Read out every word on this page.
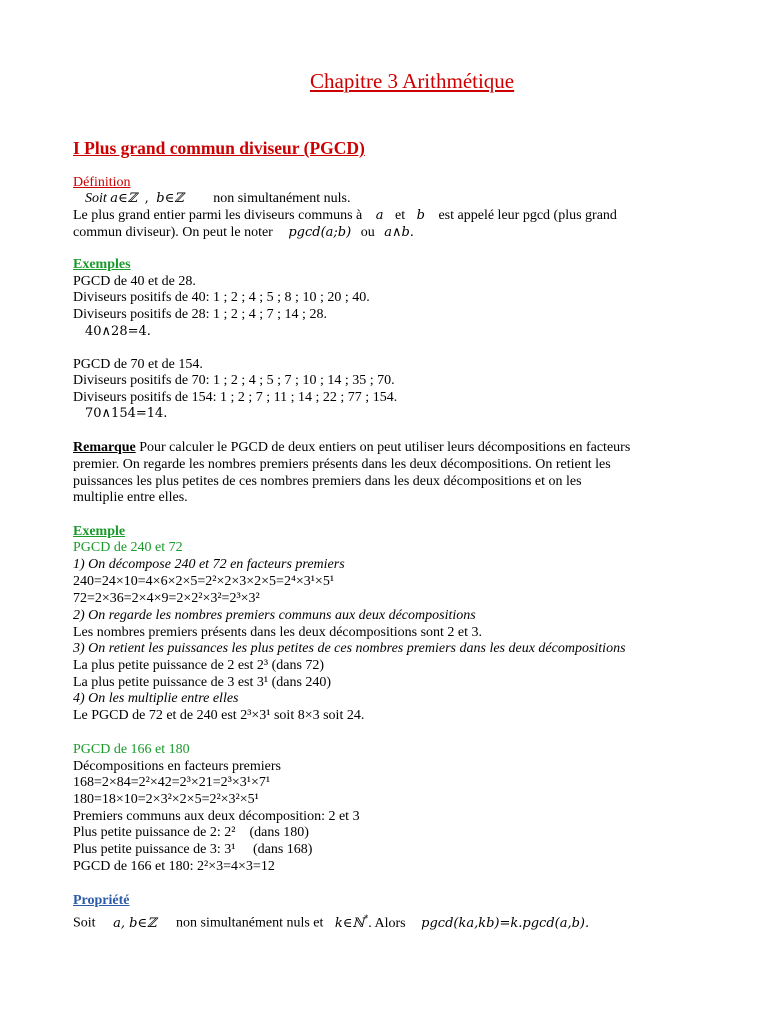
Chapitre 3 Arithmétique
I Plus grand commun diviseur (PGCD)
Définition
Soit a∈ℤ , b∈ℤ non simultanément nuls.
Le plus grand entier parmi les diviseurs communs à a et b est appelé leur pgcd (plus grand
commun diviseur). On peut le noter pgcd(a;b) ou a∧b.
Exemples
PGCD de 40 et de 28.
Diviseurs positifs de 40: 1 ; 2 ; 4 ; 5 ; 8 ; 10 ; 20 ; 40.
Diviseurs positifs de 28: 1 ; 2 ; 4 ; 7 ; 14 ; 28.
40∧28=4.
PGCD de 70 et de 154.
Diviseurs positifs de 70: 1 ; 2 ; 4 ; 5 ; 7 ; 10 ; 14 ; 35 ; 70.
Diviseurs positifs de 154: 1 ; 2 ; 7 ; 11 ; 14 ; 22 ; 77 ; 154.
70∧154=14.
Remarque Pour calculer le PGCD de deux entiers on peut utiliser leurs décompositions en facteurs
premier. On regarde les nombres premiers présents dans les deux décompositions. On retient les
puissances les plus petites de ces nombres premiers dans les deux décompositions et on les
multiplie entre elles.
Exemple
PGCD de 240 et 72
1) On décompose 240 et 72 en facteurs premiers
240=24×10=4×6×2×5=2²×2×3×2×5=2⁴×3¹×5¹
72=2×36=2×4×9=2×2²×3²=2³×3²
2) On regarde les nombres premiers communs aux deux décompositions
Les nombres premiers présents dans les deux décompositions sont 2 et 3.
3) On retient les puissances les plus petites de ces nombres premiers dans les deux décompositions
La plus petite puissance de 2 est 2³ (dans 72)
La plus petite puissance de 3 est 3¹ (dans 240)
4) On les multiplie entre elles
Le PGCD de 72 et de 240 est 2³×3¹ soit 8×3 soit 24.
PGCD de 166 et 180
Décompositions en facteurs premiers
168=2×84=2²×42=2³×21=2³×3¹×7¹
180=18×10=2×3²×2×5=2²×3²×5¹
Premiers communs aux deux décomposition: 2 et 3
Plus petite puissance de 2: 2²    (dans 180)
Plus petite puissance de 3: 3¹     (dans 168)
PGCD de 166 et 180: 2²×3=4×3=12
Propriété
Soit a, b∈ℤ non simultanément nuls et k∈ℕ*. Alors pgcd(ka,kb)=k.pgcd(a,b).
